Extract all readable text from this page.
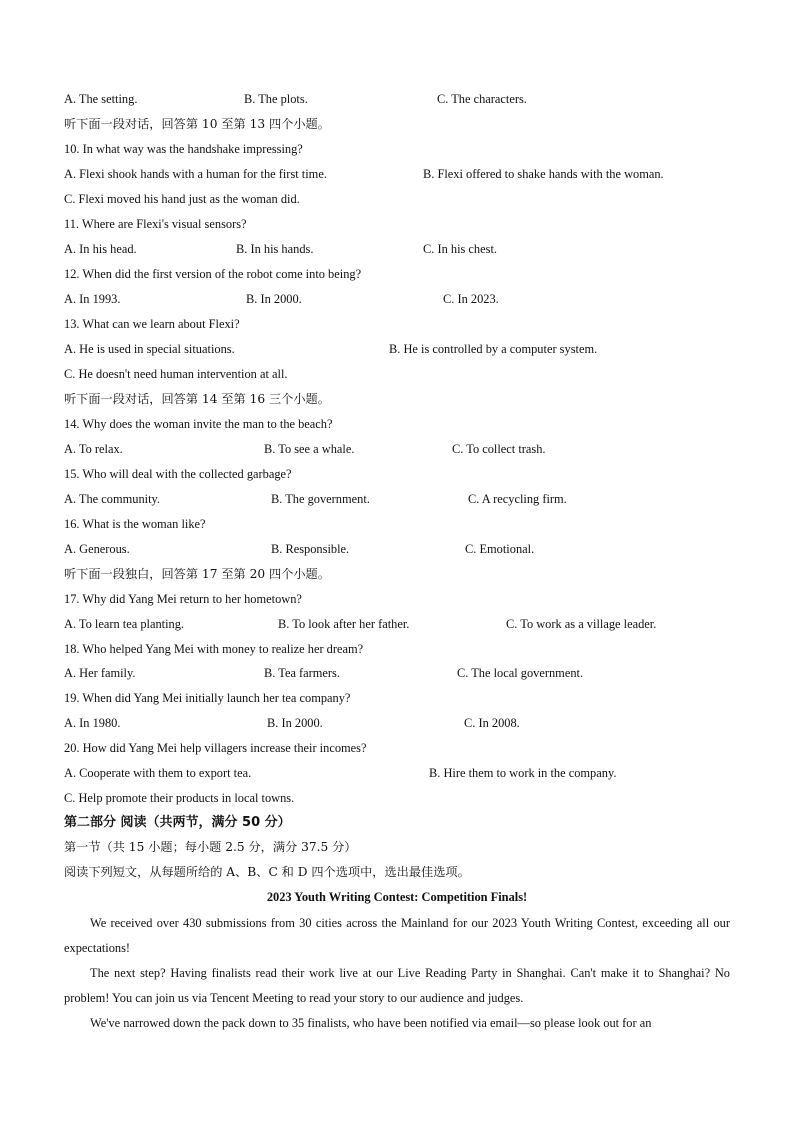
A. The setting.	B. The plots.	C. The characters.
听下面一段对话，回答第 10 至第 13 四个小题。
10. In what way was the handshake impressing?
A. Flexi shook hands with a human for the first time.	B. Flexi offered to shake hands with the woman.
C. Flexi moved his hand just as the woman did.
11. Where are Flexi's visual sensors?
A. In his head.	B. In his hands.	C. In his chest.
12. When did the first version of the robot come into being?
A. In 1993.	B. In 2000.	C. In 2023.
13. What can we learn about Flexi?
A. He is used in special situations.	B. He is controlled by a computer system.
C. He doesn't need human intervention at all.
听下面一段对话，回答第 14 至第 16 三个小题。
14. Why does the woman invite the man to the beach?
A. To relax.	B. To see a whale.	C. To collect trash.
15. Who will deal with the collected garbage?
A. The community.	B. The government.	C. A recycling firm.
16. What is the woman like?
A. Generous.	B. Responsible.	C. Emotional.
听下面一段独白，回答第 17 至第 20 四个小题。
17. Why did Yang Mei return to her hometown?
A. To learn tea planting.	B. To look after her father.	C. To work as a village leader.
18. Who helped Yang Mei with money to realize her dream?
A. Her family.	B. Tea farmers.	C. The local government.
19. When did Yang Mei initially launch her tea company?
A. In 1980.	B. In 2000.	C. In 2008.
20. How did Yang Mei help villagers increase their incomes?
A. Cooperate with them to export tea.	B. Hire them to work in the company.
C. Help promote their products in local towns.
第二部分 阅读（共两节，满分 50 分）
第一节（共 15 小题；每小题 2.5 分，满分 37.5 分）
阅读下列短文，从每题所给的 A、B、C 和 D 四个选项中，选出最佳选项。
2023 Youth Writing Contest: Competition Finals!
We received over 430 submissions from 30 cities across the Mainland for our 2023 Youth Writing Contest, exceeding all our expectations!
The next step? Having finalists read their work live at our Live Reading Party in Shanghai. Can't make it to Shanghai? No problem! You can join us via Tencent Meeting to read your story to our audience and judges.
We've narrowed down the pack down to 35 finalists, who have been notified via email—so please look out for an
